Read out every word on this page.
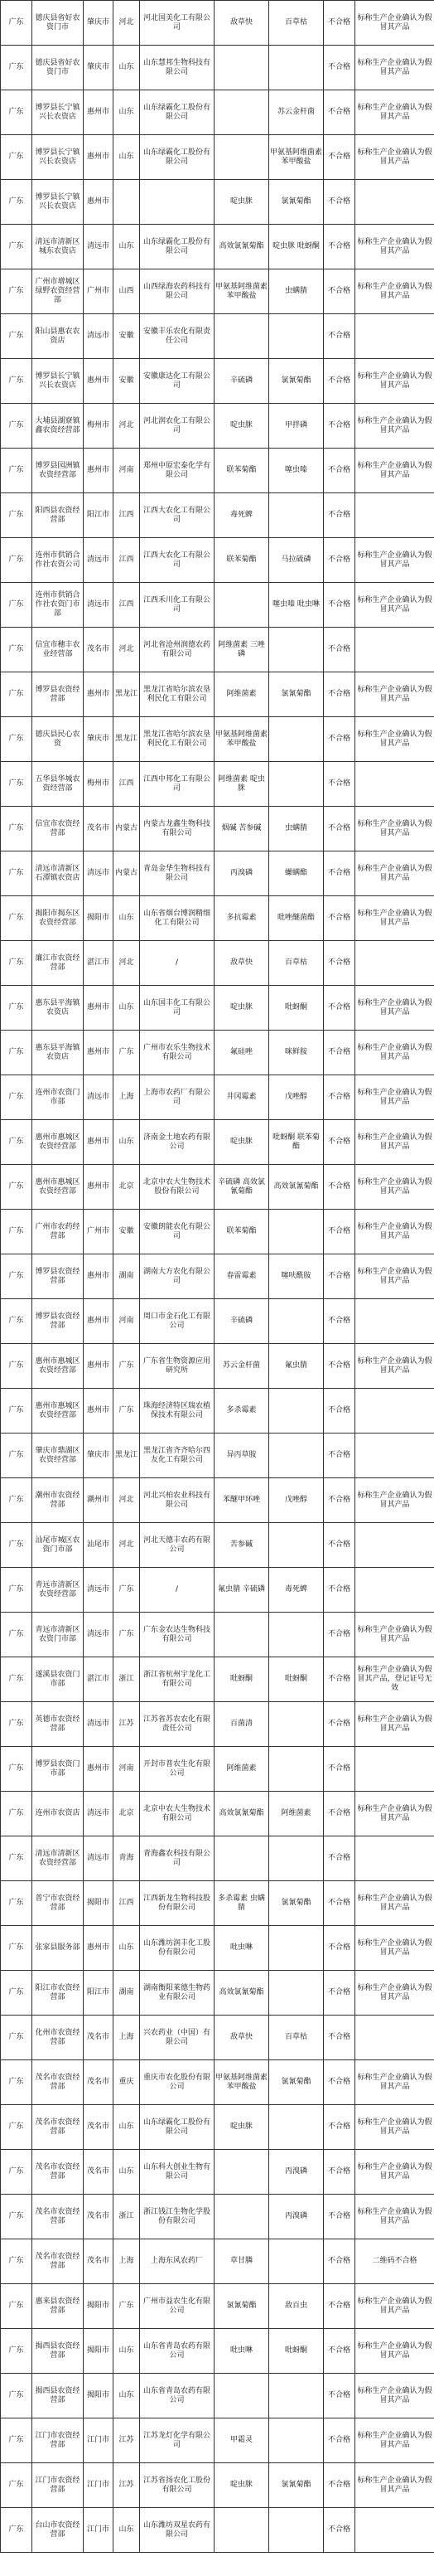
广东	德庆县省好农资门市	肇庆市	河北	河北国美化工有限公司	敌草快	百草枯	不合格	标称生产企业确认为假冒其产品
广东	德庆县省好农资门市	肇庆市	山东	山东慧邦生物科技有限公司			不合格	标称生产企业确认为假冒其产品
广东	博罗县长宁镇兴长农资店	惠州市	山东	山东绿霸化工股份有限公司		苏云金杆菌	不合格	标称生产企业确认为假冒其产品
广东	博罗县长宁镇兴长农资店	惠州市	山东	山东绿霸化工股份有限公司		甲氨基阿维菌素苯甲酸盐	不合格	标称生产企业确认为假冒其产品
广东	博罗县长宁镇兴长农资店	惠州市			啶虫脒	氯氰菊酯	不合格	
广东	清远市清新区城东农资店	清远市	山东	山东绿霸化工股份有限公司	高效氯氰菊酯	啶虫脒 吡蚜酮	不合格	标称生产企业确认为假冒其产品
广东	广州市增城区绿野农资经营部	广州市	山西	山西绿海农药科技有限公司	甲氨基阿维菌素苯甲酸盐	虫螨腈	不合格	标称生产企业确认为假冒其产品
广东	阳山县惠农农资店	清远市	安徽	安徽丰乐农化有限责任公司			不合格	
广东	博罗县长宁镇兴长农资店	惠州市	安徽	安徽康达化工有限公司	辛硫磷	氯氰菊酯	不合格	标称生产企业确认为假冒其产品
广东	大埔县湖寮镇鑫农资经营部	梅州市	河北	河北润农化工有限公司	啶虫脒	甲拌磷	不合格	标称生产企业确认为假冒其产品
广东	博罗县园洲镇农资经营部	惠州市	河南	郑州中原宏泰化学有限公司	联苯菊酯	噻虫嗪	不合格	标称生产企业确认为假冒其产品
广东	阳西县农资经营部	阳江市	江西	江西大农化工有限公司	毒死蜱		不合格	
广东	连州市供销合作社农资公司	清远市	江西	江西大农化工有限公司	联苯菊酯	马拉硫磷	不合格	标称生产企业确认为假冒其产品
广东	连州市供销合作社农资门市部	清远市	江西	江西禾川化工有限公司		噻虫嗪 吡虫啉	不合格	标称生产企业确认为假冒其产品
广东	信宜市穗丰农业经营部	茂名市	河北	河北省沧州润德农药有限公司	阿维菌素 三唑磷		不合格	
广东	博罗县农资经营部	惠州市	黑龙江	黑龙江省哈尔滨农垦利民化工有限公司	阿维菌素	氯氰菊酯	不合格	标称生产企业确认为假冒其产品
广东	德庆县民心农资	肇庆市	黑龙江	黑龙江省哈尔滨农垦利民化工有限公司	甲氨基阿维菌素苯甲酸盐		不合格	标称生产企业确认为假冒其产品
广东	五华县华城农资经营部	梅州市	江西	江西中邦化工有限公司	阿维菌素 啶虫脒		不合格	
广东	信宜市农资经营部	茂名市	内蒙古	内蒙古龙鑫生物科技有限公司	烟碱 苦参碱	虫螨腈	不合格	标称生产企业确认为假冒其产品
广东	清远市清新区石潭镇农资店	清远市	内蒙古	青岛金华生物科技有限公司	丙溴磷	螺螨酯	不合格	标称生产企业确认为假冒其产品
广东	揭阳市揭东区农资经营部	揭阳市	山东	山东省烟台博润精细化工有限公司	多抗霉素	吡唑醚菌酯	不合格	标称生产企业确认为假冒其产品
广东	廉江市农资经营部	湛江市	河北	/	敌草快	百草枯	不合格	
广东	惠东县平海镇农资店	惠州市	山东	山东国丰化工有限公司	啶虫脒	吡蚜酮	不合格	标称生产企业确认为假冒其产品
广东	惠东县平海镇农资店	惠州市	广东	广州市农乐生物技术有限公司	氟硅唑	咪鲜胺	不合格	标称生产企业确认为假冒其产品
广东	连州市农资门市部	清远市	上海	上海市农药厂有限公司	井冈霉素	戊唑醇	不合格	标称生产企业确认为假冒其产品
广东	惠州市惠城区农资经营部	惠州市	山东	济南金土地农药有限公司	啶虫脒	吡蚜酮 联苯菊酯	不合格	标称生产企业确认为假冒其产品
广东	惠州市惠城区农资经营部	惠州市	北京	北京中农大生物技术股份有限公司	辛硫磷 高效氯氰菊酯	高效氯氰菊酯	不合格	标称生产企业确认为假冒其产品
广东	广州市农药经营部	广州市	安徽	安徽朗能农化有限公司	联苯菊酯		不合格	标称生产企业确认为假冒其产品
广东	博罗县农资经营部	惠州市	湖南	湖南大方农化有限公司	春雷霉素	噻呋酰胺	不合格	标称生产企业确认为假冒其产品
广东	博罗县农资经营部	惠州市	河南	周口市金石化工有限公司	辛硫磷		不合格	
广东	惠州市惠城区农资经营部	惠州市	广东	广东省生物资源应用研究所	苏云金杆菌	氟虫腈	不合格	标称生产企业确认为假冒其产品
广东	惠州市惠城区农资经营部	惠州市	广东	珠海经济特区瑞农植保技术有限公司	多杀霉素		不合格	
广东	肇庆市鼎湖区农资经营部	肇庆市	黑龙江	黑龙江省齐齐哈尔四友化工有限公司	异丙草胺		不合格	
广东	潮州市农资经营部	潮州市	河北	河北兴柏农业科技有限公司	苯醚甲环唑	戊唑醇	不合格	标称生产企业确认为假冒其产品
广东	汕尾市城区农资门市部	汕尾市	河北	河北天德丰农药有限公司	苦参碱		不合格	
广东	青远市清新区农资经营部	清远市	广东	/	氟虫腈 辛硫磷	毒死蜱	不合格	
广东	青远市清新区农资门市部	清远市	广东	广东金农达生物科技有限公司			不合格	标称生产企业确认为假冒其产品
广东	遂溪县农资门市部	湛江市	浙江	浙江省杭州宇龙化工有限公司	吡蚜酮	吡蚜酮	不合格	标称生产企业确认为假冒其产品，登记证号无效
广东	英德市农资经营部	清远市	江苏	江苏省苏农农化有限责任公司	百菌清		不合格	标称生产企业确认为假冒其产品
广东	博罗县农资门市部	惠州市	河南	开封市普农生化有限公司	阿维菌素		不合格	
广东	连州市农资店	清远市	北京	北京中农大生物技术有限公司	高效氯氰菊酯	阿维菌素	不合格	标称生产企业确认为假冒其产品
广东	清远市清新区农资经营部	清远市	青海	青海鑫农科技有限公司			不合格	
广东	普宁市农资经营部	揭阳市	江西	江西新龙生物科技股份有限公司	多杀霉素 虫螨腈	氯氰菊酯	不合格	标称生产企业确认为假冒其产品
广东	张家县服务部	惠州市	山东	山东潍坊润丰化工股份有限公司	吡虫啉		不合格	标称生产企业确认为假冒其产品
广东	阳江市农资经营部	阳江市	湖南	湖南衡阳莱德生物药业有限公司	高效氯氰菊酯		不合格	标称生产企业确认为假冒其产品
广东	化州市农资经营部	茂名市	上海	兴农药业（中国）有限公司	敌草快	百草枯	不合格	
广东	茂名市农资经营部	茂名市	重庆	重庆市农化股份有限公司	甲氨基阿维菌素苯甲酸盐	氯氰菊酯	不合格	标称生产企业确认为假冒其产品
广东	茂名市农资经营部	茂名市	山东	山东绿霸化工股份有限公司	啶虫脒		不合格	标称生产企业确认为假冒其产品
广东	茂名市农资经营部	茂名市	山东	山东科大创业生物有限公司		丙溴磷	不合格	标称生产企业确认为假冒其产品
广东	茂名市农资经营部	茂名市	浙江	浙江钱江生物化学股份有限公司		丙溴磷	不合格	标称生产企业确认为假冒其产品
广东	茂名市农资经营部	茂名市	上海	上海东风农药厂	草甘膦		不合格	二维码不合格
广东	惠来县农资经营部	揭阳市	广东	广州市益农生化有限公司	氯氰菊酯	敌百虫	不合格	标称生产企业确认为假冒其产品
广东	揭西县农资经营部	揭阳市	山东	山东省青岛农药有限公司	吡虫啉	吡蚜酮	不合格	标称生产企业确认为假冒其产品
广东	揭西县农资经营部	揭阳市	山东	山东省青岛农药有限公司			不合格	标称生产企业确认为假冒其产品
广东	江门市农资经营部	江门市	江苏	江苏龙灯化学有限公司	甲霜灵		不合格	标称生产企业确认为假冒其产品
广东	江门市农资经营部	江门市	江苏	江苏省扬农化工股份有限公司	啶虫脒	氯氰菊酯	不合格	标称生产企业确认为假冒其产品
广东	台山市农资经营部	江门市	山东	山东潍坊双星农药有限公司			不合格	
